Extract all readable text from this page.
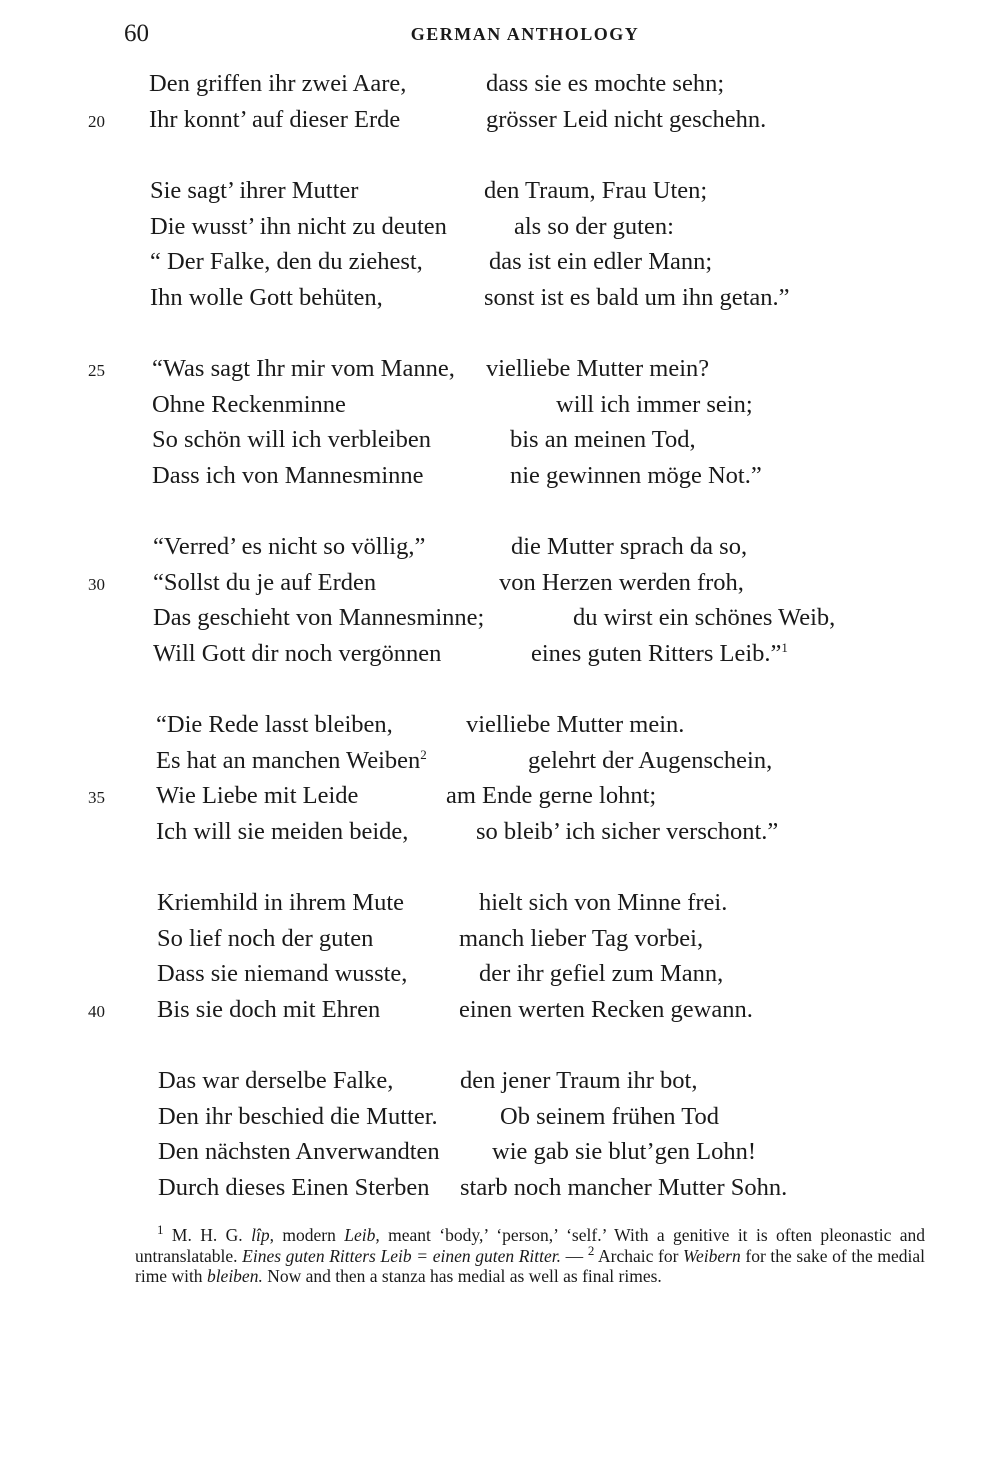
60	GERMAN ANTHOLOGY
Den griffen ihr zwei Aare,	dass sie es mochte sehn;
20 Ihr konnt’ auf dieser Erde	grösser Leid nicht geschehn.
Sie sagt’ ihrer Mutter	den Traum, Frau Uten;
Die wusst’ ihn nicht zu deuten	als so der guten:
“ Der Falke, den du ziehest,	das ist ein edler Mann;
Ihn wolle Gott behüten,	sonst ist es bald um ihn getan.”
25 “Was sagt Ihr mir vom Manne, vielliebe Mutter mein?
Ohne Reckenminne	will ich immer sein;
So schön will ich verbleiben	bis an meinen Tod,
Dass ich von Mannesminne	nie gewinnen möge Not.”
“Verred’ es nicht so völlig,”	die Mutter sprach da so,
30 “Sollst du je auf Erden	von Herzen werden froh,
Das geschieht von Mannesminne;	du wirst ein schönes Weib,
Will Gott dir noch vergönnen	eines guten Ritters Leib.”$^1$
“Die Rede lasst bleiben,	vielliebe Mutter mein.
Es hat an manchen Weiben$^2$	gelehrt der Augenschein,
35 Wie Liebe mit Leide	am Ende gerne lohnt;
Ich will sie meiden beide,	so bleib’ ich sicher verschont.”
Kriemhild in ihrem Mute	hielt sich von Minne frei.
So lief noch der guten	manch lieber Tag vorbei,
Dass sie niemand wusste,	der ihr gefiel zum Mann,
40 Bis sie doch mit Ehren	einen werten Recken gewann.
Das war derselbe Falke,	den jener Traum ihr bot,
Den ihr beschied die Mutter.	Ob seinem frühen Tod
Den nächsten Anverwandten wie gab sie blut’gen Lohn!
Durch dieses Einen Sterben starb noch mancher Mutter Sohn.
$^1$ M. H. G. lîp, modern Leib, meant ‘body,’ ‘person,’ ‘self.’ With a genitive it is often pleonastic and untranslatable. Eines guten Ritters Leib = einen guten Ritter. — $^2$ Archaic for Weibern for the sake of the medial rime with bleiben. Now and then a stanza has medial as well as final rimes.
